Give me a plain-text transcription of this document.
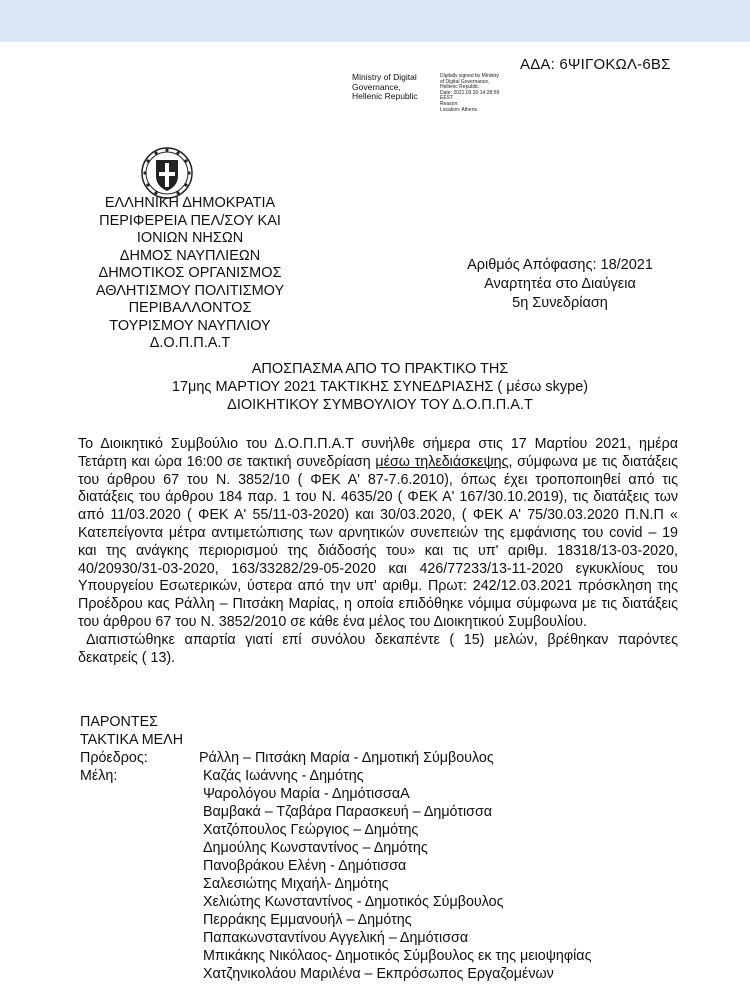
ΑΔΑ: 6ΨΙΓΟΚΩΛ-6ΒΣ
Ministry of Digital
Governance,
Hellenic Republic
Digitally signed by Ministry
of Digital Governance,
Hellenic Republic
Date: 2021.03.30 14:28:59
EEST
Reason:
Location: Athens
ΕΛΛΗΝΙΚΗ ΔΗΜΟΚΡΑΤΙΑ
ΠΕΡΙΦΕΡΕΙΑ ΠΕΛ/ΣΟΥ ΚΑΙ
ΙΟΝΙΩΝ ΝΗΣΩΝ
ΔΗΜΟΣ ΝΑΥΠΛΙΕΩΝ
ΔΗΜΟΤΙΚΟΣ ΟΡΓΑΝΙΣΜΟΣ
ΑΘΛΗΤΙΣΜΟΥ ΠΟΛΙΤΙΣΜΟΥ
ΠΕΡΙΒΑΛΛΟΝΤΟΣ
ΤΟΥΡΙΣΜΟΥ ΝΑΥΠΛΙΟΥ
Δ.Ο.Π.Π.Α.Τ
Αριθμός Απόφασης: 18/2021
Αναρτητέα στο Διαύγεια
5η Συνεδρίαση
ΑΠΟΣΠΑΣΜΑ ΑΠΟ ΤΟ ΠΡΑΚΤΙΚΟ ΤΗΣ
17μης ΜΑΡΤΙΟΥ 2021 ΤΑΚΤΙΚΗΣ ΣΥΝΕΔΡΙΑΣΗΣ ( μέσω skype)
ΔΙΟΙΚΗΤΙΚΟΥ ΣΥΜΒΟΥΛΙΟΥ ΤΟΥ Δ.Ο.Π.Π.Α.Τ
Το Διοικητικό Συμβούλιο του Δ.Ο.Π.Π.Α.Τ συνήλθε σήμερα στις 17 Μαρτίου 2021, ημέρα Τετάρτη και ώρα 16:00 σε τακτική συνεδρίαση μέσω τηλεδιάσκεψης, σύμφωνα με τις διατάξεις του άρθρου 67 του Ν. 3852/10 ( ΦΕΚ Α' 87-7.6.2010), όπως έχει τροποποιηθεί από τις διατάξεις του άρθρου 184 παρ. 1 του Ν. 4635/20 ( ΦΕΚ Α' 167/30.10.2019), τις διατάξεις των από 11/03.2020 ( ΦΕΚ Α' 55/11-03-2020) και 30/03.2020, ( ΦΕΚ Α' 75/30.03.2020 Π.Ν.Π « Κατεπείγοντα μέτρα αντιμετώπισης των αρνητικών συνεπειών της εμφάνισης του covid – 19 και της ανάγκης περιορισμού της διάδοσής του» και τις υπ' αριθμ. 18318/13-03-2020, 40/20930/31-03-2020, 163/33282/29-05-2020 και 426/77233/13-11-2020 εγκυκλίους του Υπουργείου Εσωτερικών, ύστερα από την υπ' αριθμ. Πρωτ: 242/12.03.2021 πρόσκληση της Προέδρου κας Ράλλη – Πιτσάκη Μαρίας, η οποία επιδόθηκε νόμιμα σύμφωνα με τις διατάξεις του άρθρου 67 του Ν. 3852/2010 σε κάθε ένα μέλος του Διοικητικού Συμβουλίου.
Διαπιστώθηκε απαρτία γιατί επί συνόλου δεκαπέντε ( 15) μελών, βρέθηκαν παρόντες δεκατρείς ( 13).
ΠΑΡΟΝΤΕΣ
ΤΑΚΤΙΚΑ ΜΕΛΗ
Πρόεδρος:	Ράλλη – Πιτσάκη Μαρία - Δημοτική Σύμβουλος
Μέλη:	Καζάς Ιωάννης - Δημότης
Ψαρολόγου Μαρία - ΔημότισσαΑ
Βαμβακά – Τζαβάρα Παρασκευή – Δημότισσα
Χατζόπουλος Γεώργιος – Δημότης
Δημούλης Κωνσταντίνος – Δημότης
Πανοβράκου Ελένη - Δημότισσα
Σαλεσιώτης Μιχαήλ- Δημότης
Χελιώτης Κωνσταντίνος - Δημοτικός Σύμβουλος
Περράκης Εμμανουήλ – Δημότης
Παπακωνσταντίνου Αγγελική – Δημότισσα
Μπικάκης Νικόλαος- Δημοτικός Σύμβουλος εκ της μειοψηφίας
Χατζηνικολάου Μαριλένα – Εκπρόσωπος Εργαζομένων
